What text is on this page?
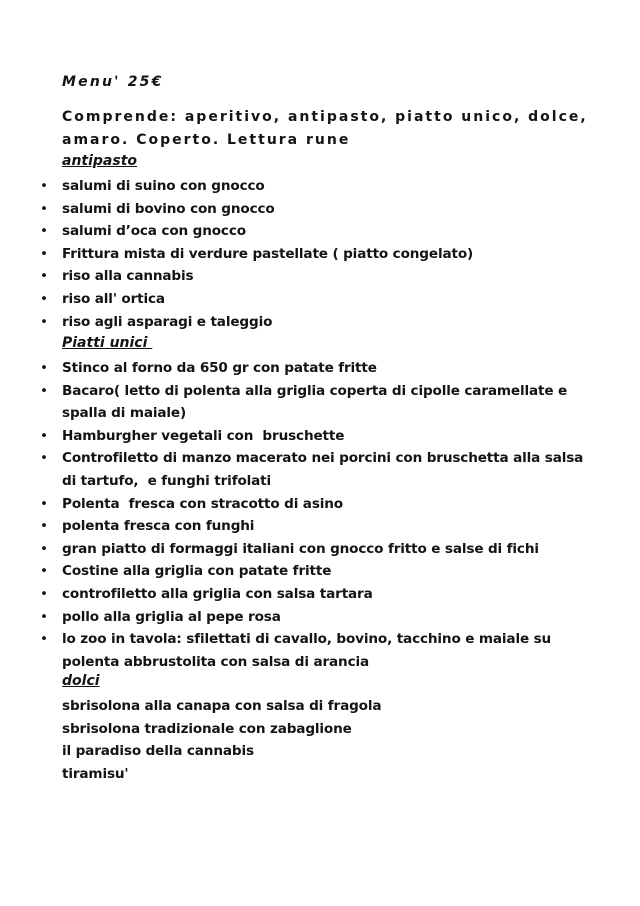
Menu' 25€

Comprende: aperitivo, antipasto, piatto unico, dolce, amaro. Coperto. Lettura rune

antipasto

•	salumi di suino con gnocco
•	salumi di bovino con gnocco
•	salumi d’oca con gnocco
•	Frittura mista di verdure pastellate ( piatto congelato)
•	riso alla cannabis
•	riso all' ortica
•	riso agli asparagi e taleggio

Piatti unici

•	Stinco al forno da 650 gr con patate fritte
•	Bacaro( letto di polenta alla griglia coperta di cipolle caramellate e spalla di maiale)
•	Hamburgher vegetali con  bruschette
•	Controfiletto di manzo macerato nei porcini con bruschetta alla salsa di tartufo,  e funghi trifolati
•	Polenta  fresca con stracotto di asino
•	polenta fresca con funghi
•	gran piatto di formaggi italiani con gnocco fritto e salse di fichi
•	Costine alla griglia con patate fritte
•	controfiletto alla griglia con salsa tartara
•	pollo alla griglia al pepe rosa
•	lo zoo in tavola: sfilettati di cavallo, bovino, tacchino e maiale su polenta abbrustolita con salsa di arancia

dolci

sbrisolona alla canapa con salsa di fragola
sbrisolona tradizionale con zabaglione
il paradiso della cannabis
tiramisu'
